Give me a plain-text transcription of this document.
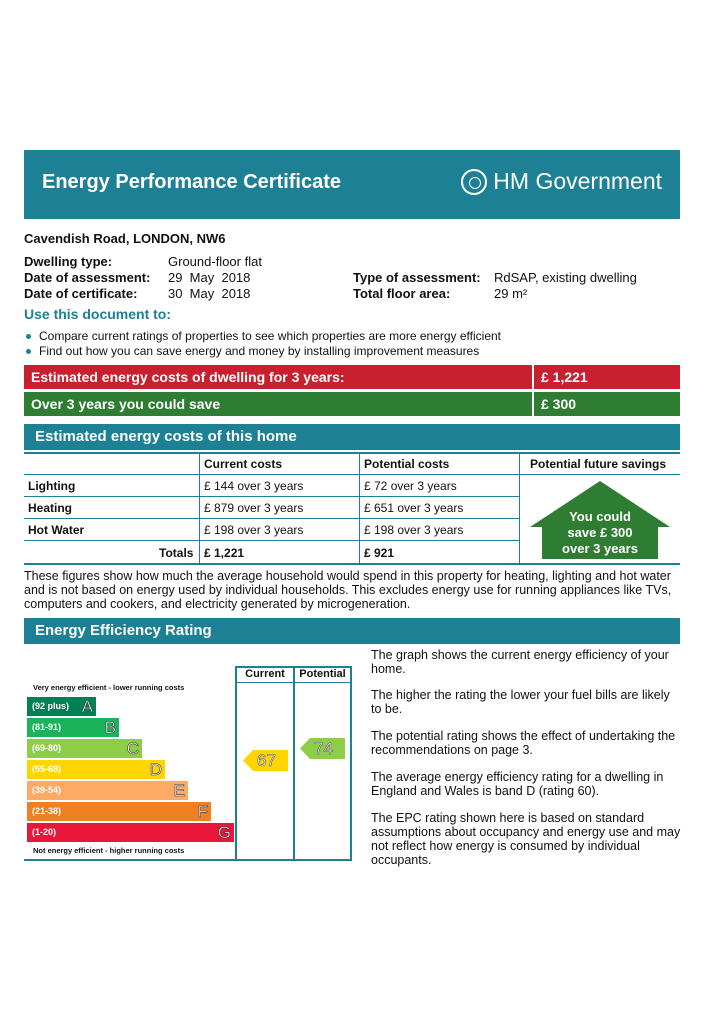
Energy Performance Certificate	HM Government
Cavendish Road, LONDON, NW6
Dwelling type:	Ground-floor flat
Date of assessment: 29  May  2018
Date of certificate: 30  May  2018
Type of assessment: RdSAP, existing dwelling
Total floor area:	29 m²
Use this document to:
Compare current ratings of properties to see which properties are more energy efficient
Find out how you can save energy and money by installing improvement measures
Estimated energy costs of dwelling for 3 years:	£ 1,221
Over 3 years you could save	£ 300
Estimated energy costs of this home
Current costs	Potential costs	Potential future savings
Lighting	£ 144 over 3 years	£ 72 over 3 years
Heating	£ 879 over 3 years	£ 651 over 3 years
Hot Water	£ 198 over 3 years	£ 198 over 3 years
Totals £ 1,221	£ 921
You could
save £ 300
over 3 years
These figures show how much the average household would spend in this property for heating, lighting and hot water and is not based on energy used by individual households. This excludes energy use for running appliances like TVs, computers and cookers, and electricity generated by microgeneration.
Energy Efficiency Rating
Current	Potential
Very energy efficient - lower running costs
Not energy efficient - higher running costs
(92 plus) A
(81-91)	B
(69-80)	C
(55-68)	D
(39-54)	E
(21-38)	F
(1-20)	G
67
74
The graph shows the current energy efficiency of your home.
The higher the rating the lower your fuel bills are likely to be.
The potential rating shows the effect of undertaking the recommendations on page 3.
The average energy efficiency rating for a dwelling in England and Wales is band D (rating 60).
The EPC rating shown here is based on standard assumptions about occupancy and energy use and may not reflect how energy is consumed by individual occupants.
